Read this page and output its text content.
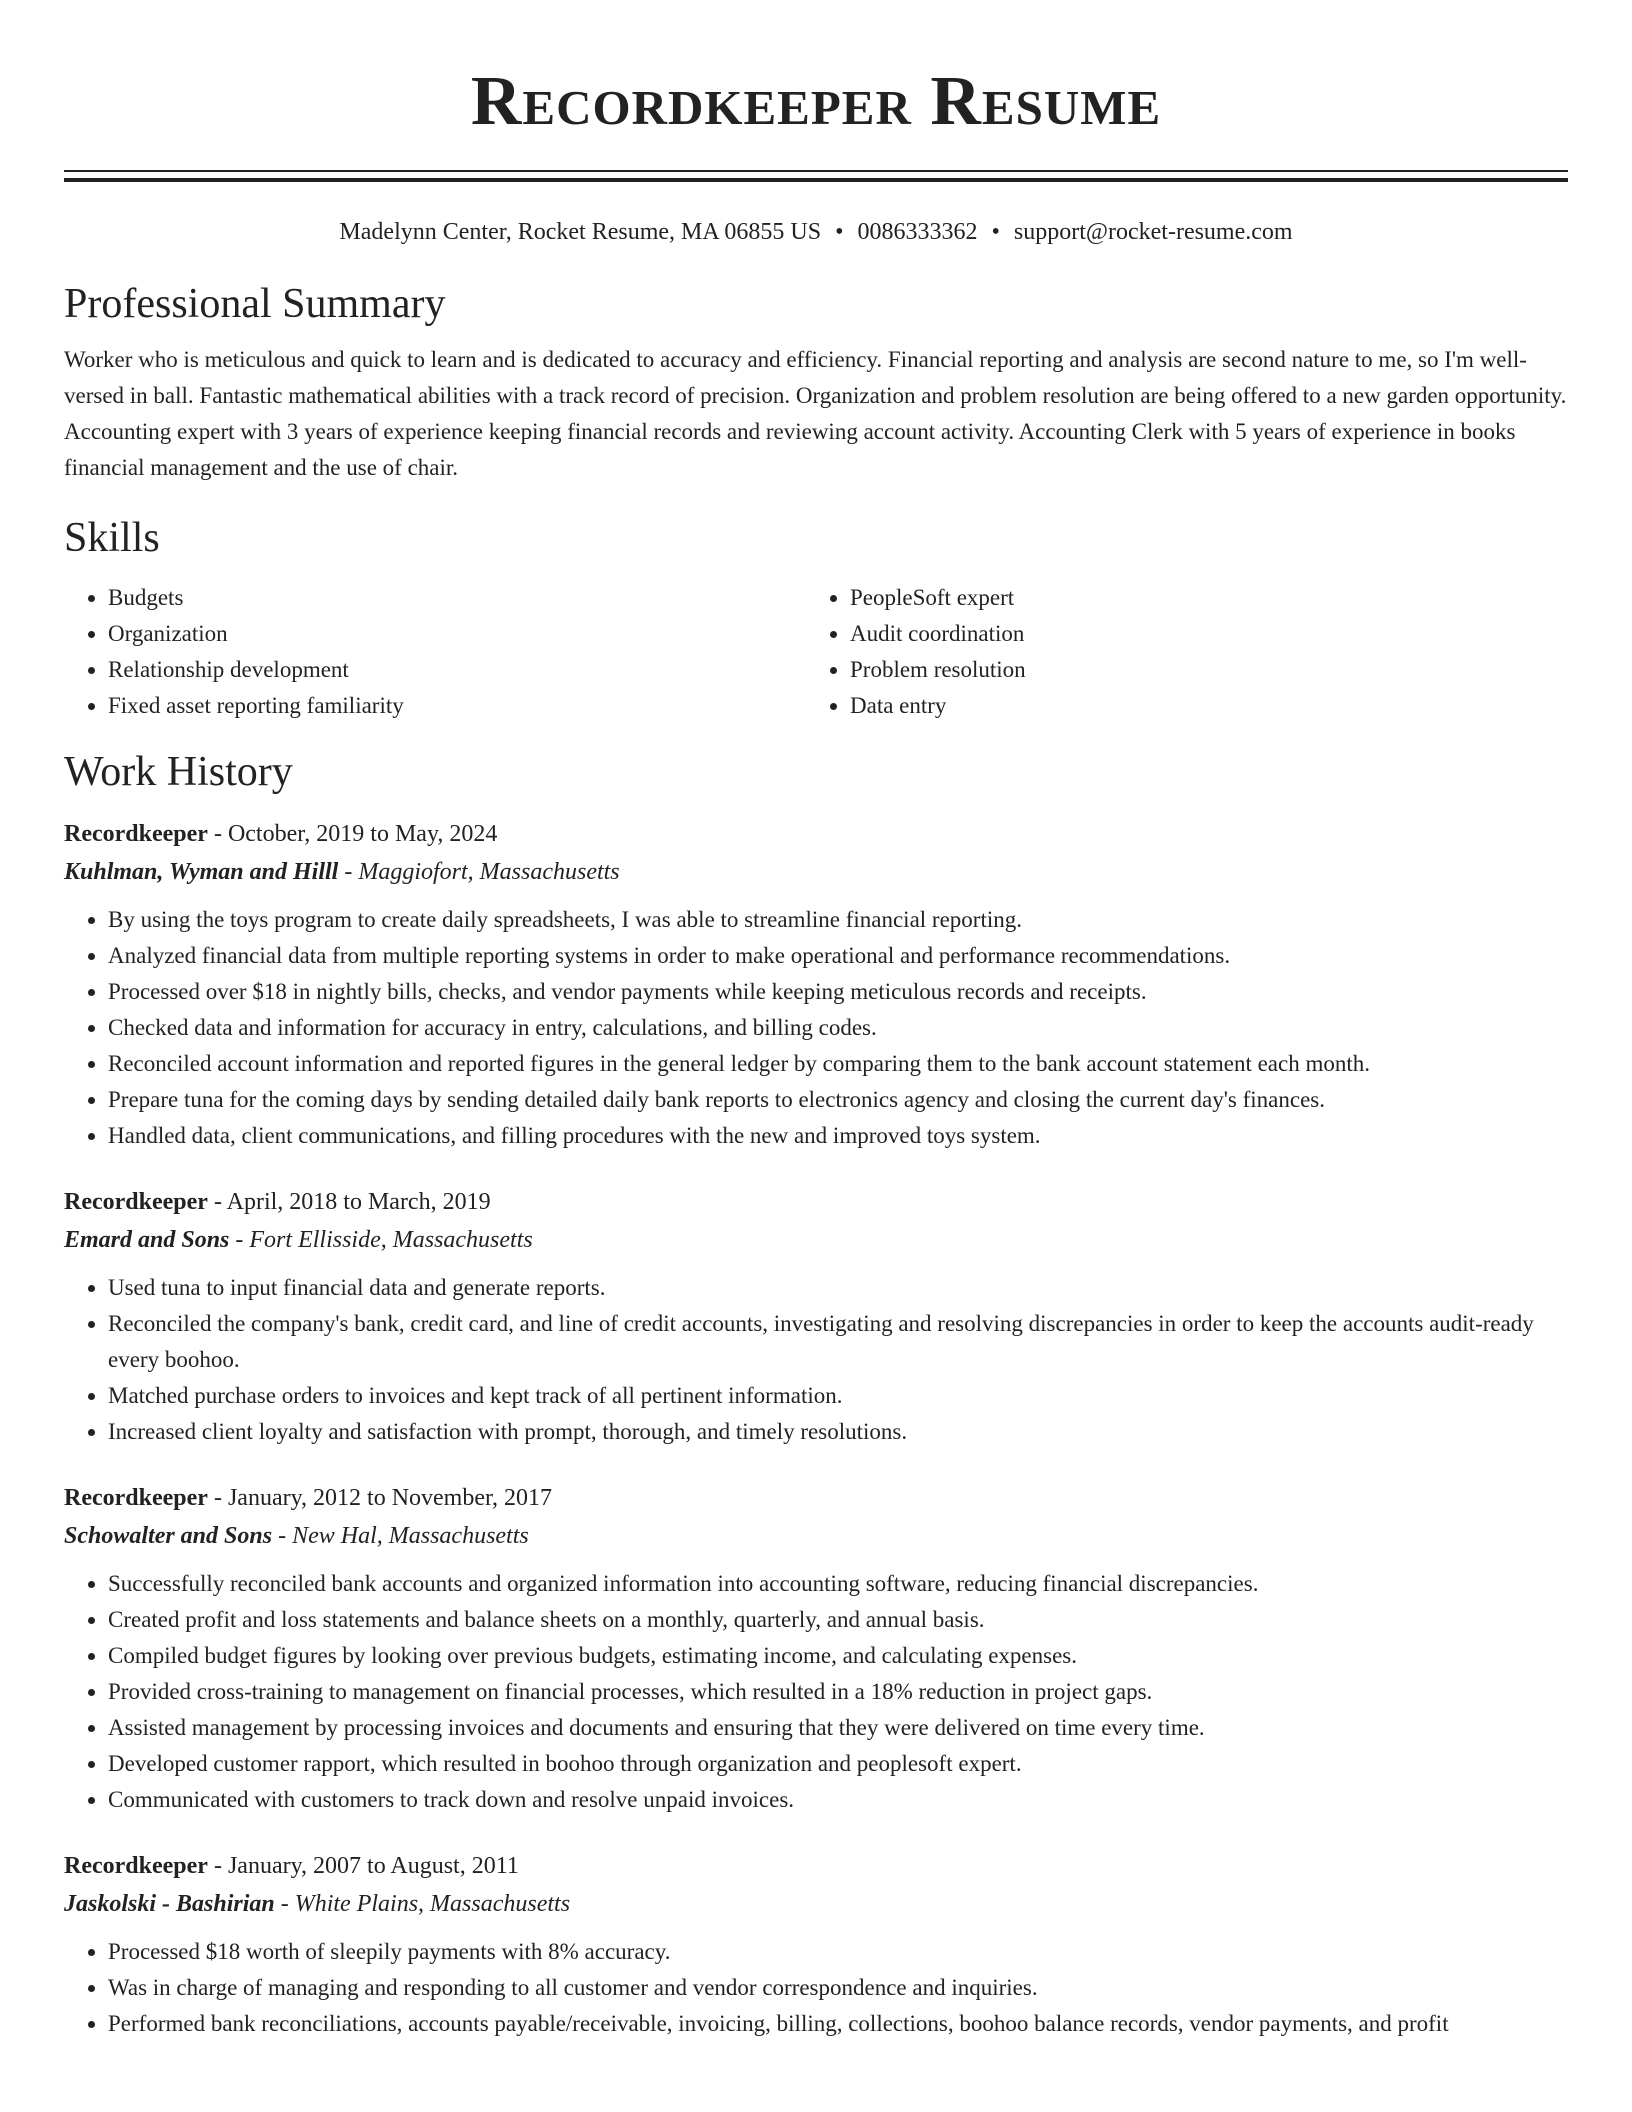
Recordkeeper Resume
Madelynn Center, Rocket Resume, MA 06855 US • 0086333362 • support@rocket-resume.com
Professional Summary

Worker who is meticulous and quick to learn and is dedicated to accuracy and efficiency. Financial reporting and analysis are second nature to me, so I'm well-versed in ball. Fantastic mathematical abilities with a track record of precision. Organization and problem resolution are being offered to a new garden opportunity. Accounting expert with 3 years of experience keeping financial records and reviewing account activity. Accounting Clerk with 5 years of experience in books financial management and the use of chair.

Skills
• Budgets
• Organization
• Relationship development
• Fixed asset reporting familiarity
• PeopleSoft expert
• Audit coordination
• Problem resolution
• Data entry
Work History
Recordkeeper - October, 2019 to May, 2024
Kuhlman, Wyman and Hilll - Maggiofort, Massachusetts
• By using the toys program to create daily spreadsheets, I was able to streamline financial reporting.
• Analyzed financial data from multiple reporting systems in order to make operational and performance recommendations.
• Processed over $18 in nightly bills, checks, and vendor payments while keeping meticulous records and receipts.
• Checked data and information for accuracy in entry, calculations, and billing codes.
• Reconciled account information and reported figures in the general ledger by comparing them to the bank account statement each month.
• Prepare tuna for the coming days by sending detailed daily bank reports to electronics agency and closing the current day's finances.
• Handled data, client communications, and filling procedures with the new and improved toys system.
Recordkeeper - April, 2018 to March, 2019
Emard and Sons - Fort Ellisside, Massachusetts
• Used tuna to input financial data and generate reports.
• Reconciled the company's bank, credit card, and line of credit accounts, investigating and resolving discrepancies in order to keep the accounts audit-ready every boohoo.
• Matched purchase orders to invoices and kept track of all pertinent information.
• Increased client loyalty and satisfaction with prompt, thorough, and timely resolutions.
Recordkeeper - January, 2012 to November, 2017
Schowalter and Sons - New Hal, Massachusetts
• Successfully reconciled bank accounts and organized information into accounting software, reducing financial discrepancies.
• Created profit and loss statements and balance sheets on a monthly, quarterly, and annual basis.
• Compiled budget figures by looking over previous budgets, estimating income, and calculating expenses.
• Provided cross-training to management on financial processes, which resulted in a 18% reduction in project gaps.
• Assisted management by processing invoices and documents and ensuring that they were delivered on time every time.
• Developed customer rapport, which resulted in boohoo through organization and peoplesoft expert.
• Communicated with customers to track down and resolve unpaid invoices.
Recordkeeper - January, 2007 to August, 2011
Jaskolski - Bashirian - White Plains, Massachusetts
• Processed $18 worth of sleepily payments with 8% accuracy.
• Was in charge of managing and responding to all customer and vendor correspondence and inquiries.
• Performed bank reconciliations, accounts payable/receivable, invoicing, billing, collections, boohoo balance records, vendor payments, and profit
